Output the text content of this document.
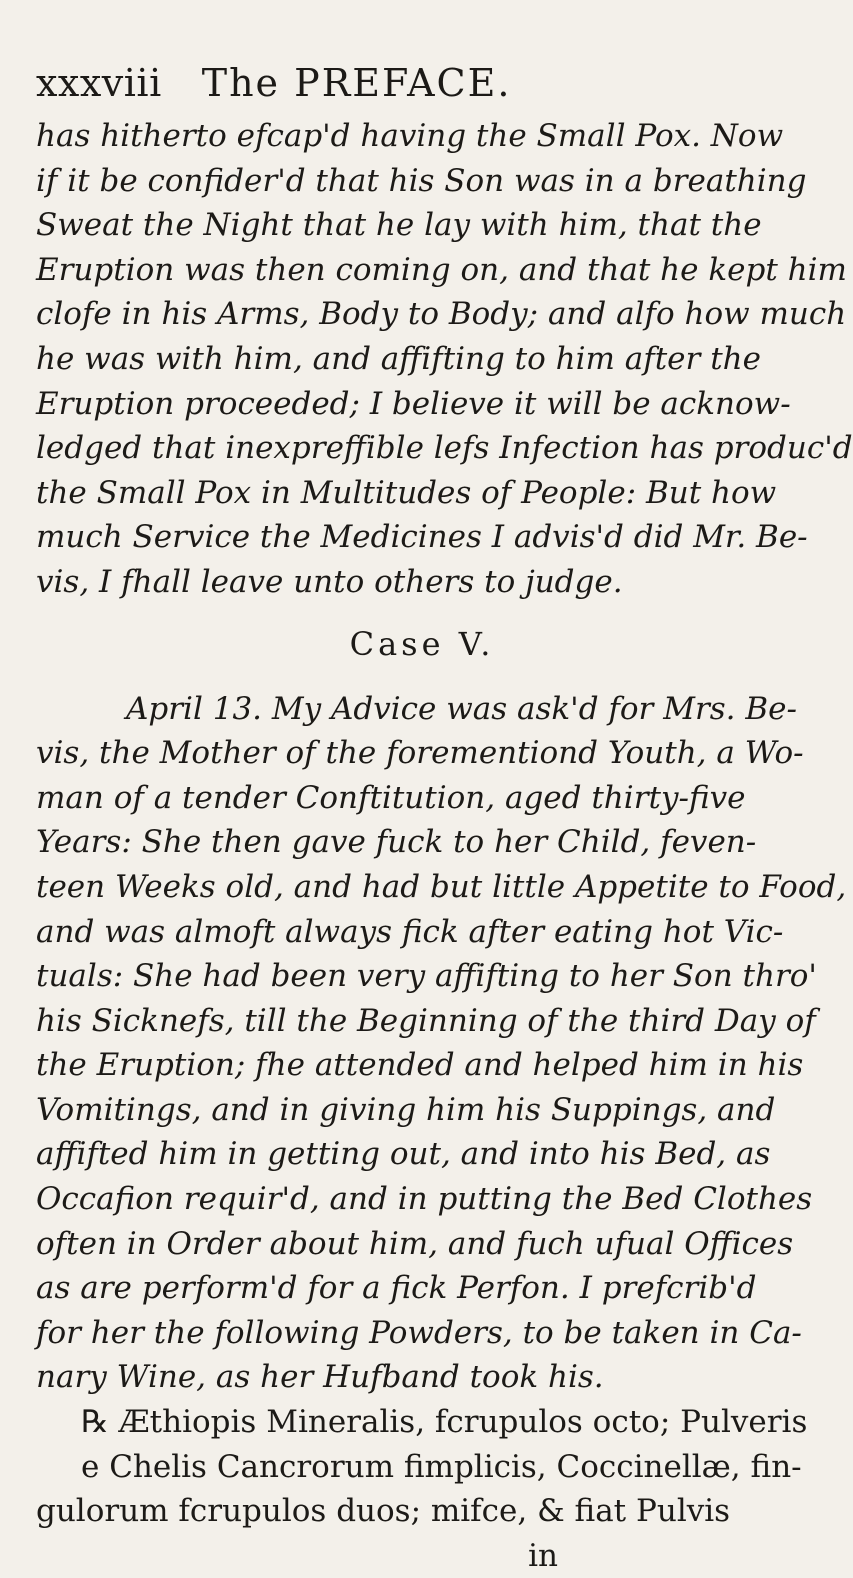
xxxviii The PREFACE.
has hitherto efcap'd having the Small Pox. Now
if it be confider'd that his Son was in a breathing
Sweat the Night that he lay with him, that the
Eruption was then coming on, and that he kept him
clofe in his Arms, Body to Body; and alfo how much
he was with him, and affifting to him after the
Eruption proceeded; I believe it will be acknow-
ledged that inexpreffible lefs Infection has produc'd
the Small Pox in Multitudes of People: But how
much Service the Medicines I advis'd did Mr. Be-
vis, I fhall leave unto others to judge.
Case V.
April 13. My Advice was ask'd for Mrs. Be-
vis, the Mother of the forementiond Youth, a Wo-
man of a tender Conftitution, aged thirty-five
Years: She then gave fuck to her Child, feven-
teen Weeks old, and had but little Appetite to Food,
and was almoft always fick after eating hot Vic-
tuals: She had been very affifting to her Son thro'
his Sicknefs, till the Beginning of the third Day of
the Eruption; fhe attended and helped him in his
Vomitings, and in giving him his Suppings, and
affifted him in getting out, and into his Bed, as
Occafion requir'd, and in putting the Bed Clothes
often in Order about him, and fuch ufual Offices
as are perform'd for a fick Perfon. I prefcrib'd
for her the following Powders, to be taken in Ca-
nary Wine, as her Hufband took his.
℞ Æthiopis Mineralis, fcrupulos octo; Pulveris
e Chelis Cancrorum fimplicis, Coccinellæ, fin-
gulorum fcrupulos duos; mifce, & fiat Pulvis
in
